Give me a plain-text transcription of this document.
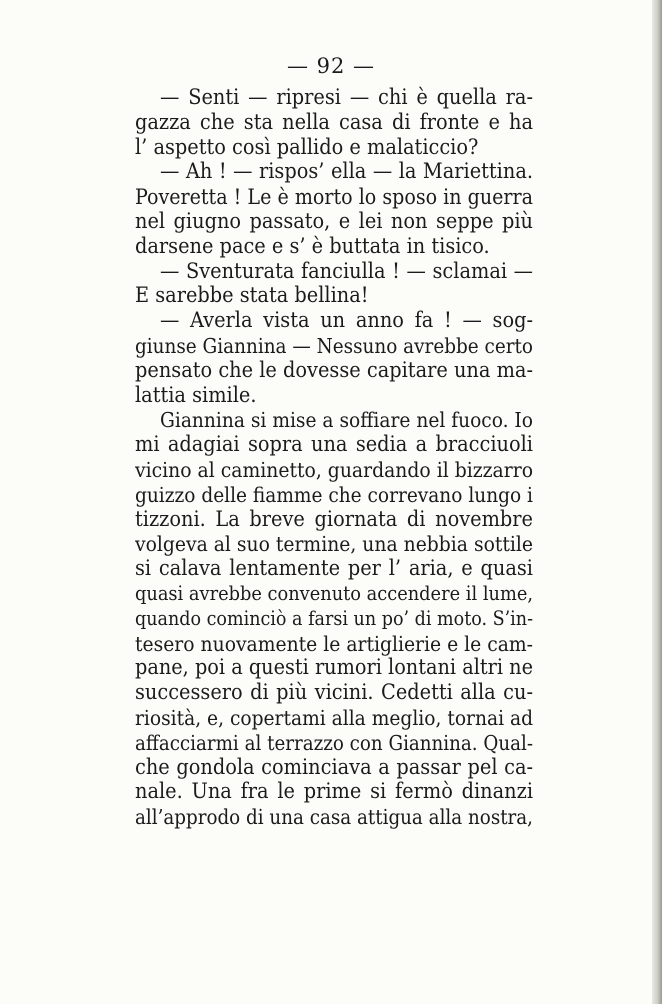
— 92 —
— Senti — ripresi — chi è quella ra-
gazza che sta nella casa di fronte e ha
l’ aspetto così pallido e malaticcio?
— Ah ! — rispos’ ella — la Mariettina.
Poveretta ! Le è morto lo sposo in guerra
nel giugno passato, e lei non seppe più
darsene pace e s’ è buttata in tisico.
— Sventurata fanciulla ! — sclamai —
E sarebbe stata bellina!
— Averla vista un anno fa ! — sog-
giunse Giannina — Nessuno avrebbe certo
pensato che le dovesse capitare una ma-
lattia simile.
Giannina si mise a soffiare nel fuoco. Io
mi adagiai sopra una sedia a bracciuoli
vicino al caminetto, guardando il bizzarro
guizzo delle fiamme che correvano lungo i
tizzoni. La breve giornata di novembre
volgeva al suo termine, una nebbia sottile
si calava lentamente per l’ aria, e quasi
quasi avrebbe convenuto accendere il lume,
quando cominciò a farsi un po’ di moto. S’in-
tesero nuovamente le artiglierie e le cam-
pane, poi a questi rumori lontani altri ne
successero di più vicini. Cedetti alla cu-
riosità, e, copertami alla meglio, tornai ad
affacciarmi al terrazzo con Giannina. Qual-
che gondola cominciava a passar pel ca-
nale. Una fra le prime si fermò dinanzi
all’approdo di una casa attigua alla nostra,
